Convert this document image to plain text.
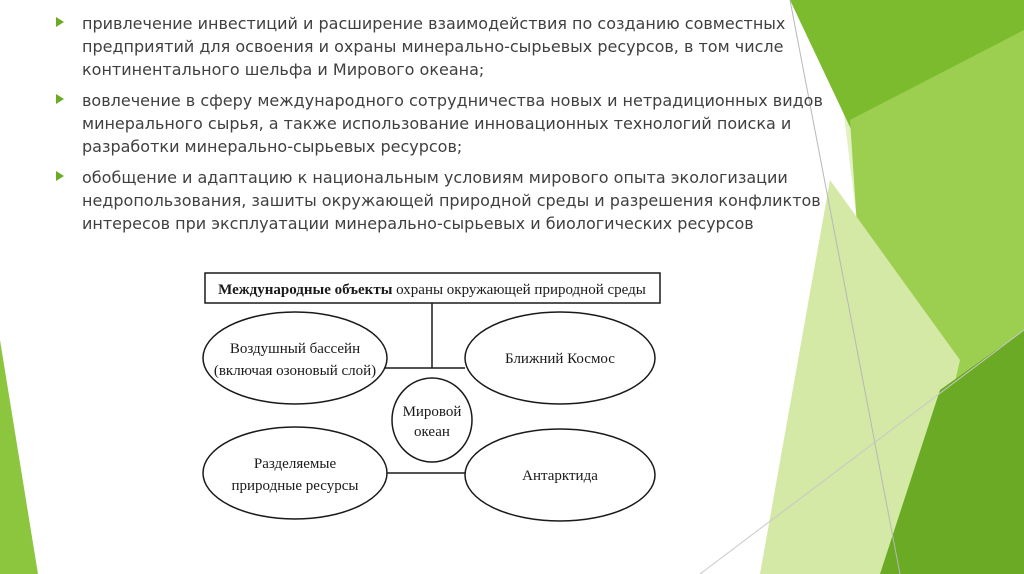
привлечение инвестиций и расширение взаимодействия по созданию совместных предприятий для освоения и охраны минерально-сырьевых ресурсов, в том числе континентального шельфа и Мирового океана;
вовлечение в сферу международного сотрудничества новых и нетрадиционных видов минерального сырья, а также использование инновационных технологий поиска и разработки минерально-сырьевых ресурсов;
обобщение и адаптацию к национальным условиям мирового опыта экологизации недропользования, зашиты окружающей природной среды и разрешения конфликтов интересов при эксплуатации минерально-сырьевых и биологических ресурсов
Международные объекты охраны окружающей природной среды
Воздушный бассейн
(включая озоновый слой)
Ближний Космос
Мировой
океан
Разделяемые
природные ресурсы
Антарктида
